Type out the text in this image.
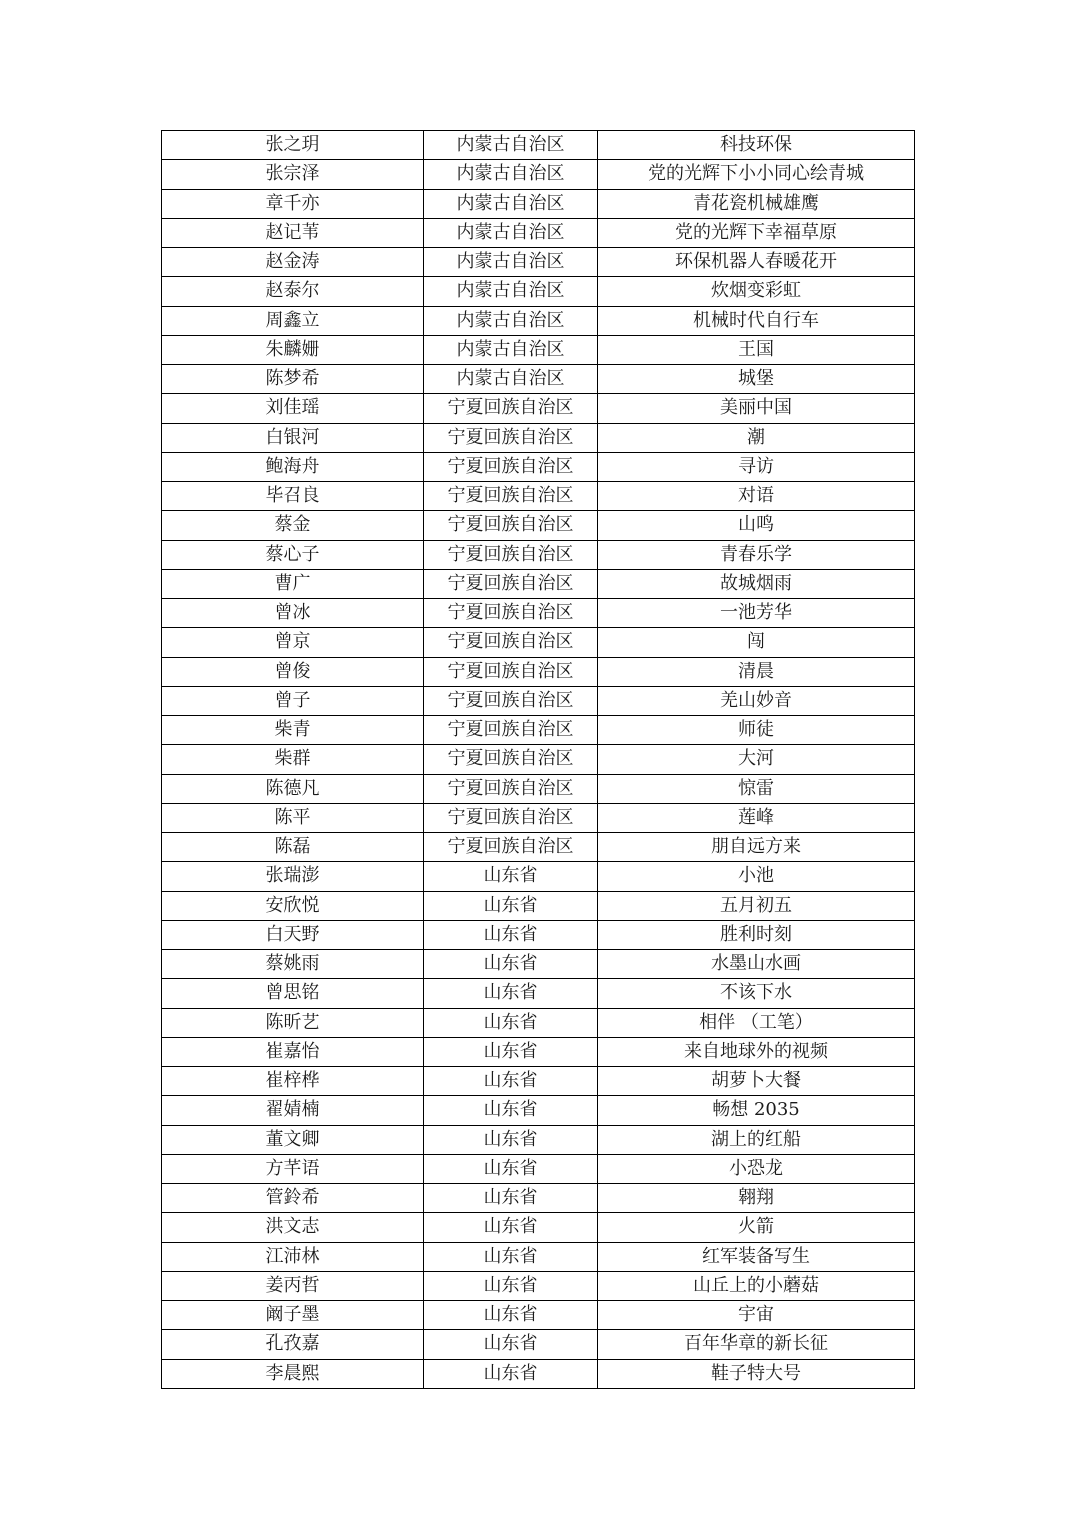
张之玥	内蒙古自治区	科技环保
张宗泽	内蒙古自治区	党的光辉下小小同心绘青城
章千亦	内蒙古自治区	青花瓷机械雄鹰
赵记苇	内蒙古自治区	党的光辉下幸福草原
赵金涛	内蒙古自治区	环保机器人春暖花开
赵泰尔	内蒙古自治区	炊烟变彩虹
周鑫立	内蒙古自治区	机械时代自行车
朱麟姗	内蒙古自治区	王国
陈梦希	内蒙古自治区	城堡
刘佳瑶	宁夏回族自治区	美丽中国
白银河	宁夏回族自治区	潮
鲍海舟	宁夏回族自治区	寻访
毕召良	宁夏回族自治区	对语
蔡金	宁夏回族自治区	山鸣
蔡心子	宁夏回族自治区	青春乐学
曹广	宁夏回族自治区	故城烟雨
曾冰	宁夏回族自治区	一池芳华
曾京	宁夏回族自治区	闯
曾俊	宁夏回族自治区	清晨
曾子	宁夏回族自治区	羌山妙音
柴青	宁夏回族自治区	师徒
柴群	宁夏回族自治区	大河
陈德凡	宁夏回族自治区	惊雷
陈平	宁夏回族自治区	莲峰
陈磊	宁夏回族自治区	朋自远方来
张瑞澎	山东省	小池
安欣悦	山东省	五月初五
白天野	山东省	胜利时刻
蔡姚雨	山东省	水墨山水画
曾思铭	山东省	不该下水
陈昕艺	山东省	相伴 （工笔）
崔嘉怡	山东省	来自地球外的视频
崔梓桦	山东省	胡萝卜大餐
翟婧楠	山东省	畅想 2035
董文卿	山东省	湖上的红船
方芊语	山东省	小恐龙
管鈴希	山东省	翱翔
洪文志	山东省	火箭
江沛林	山东省	红军装备写生
姜丙哲	山东省	山丘上的小蘑菇
阚子墨	山东省	宇宙
孔孜嘉	山东省	百年华章的新长征
李晨熙	山东省	鞋子特大号
